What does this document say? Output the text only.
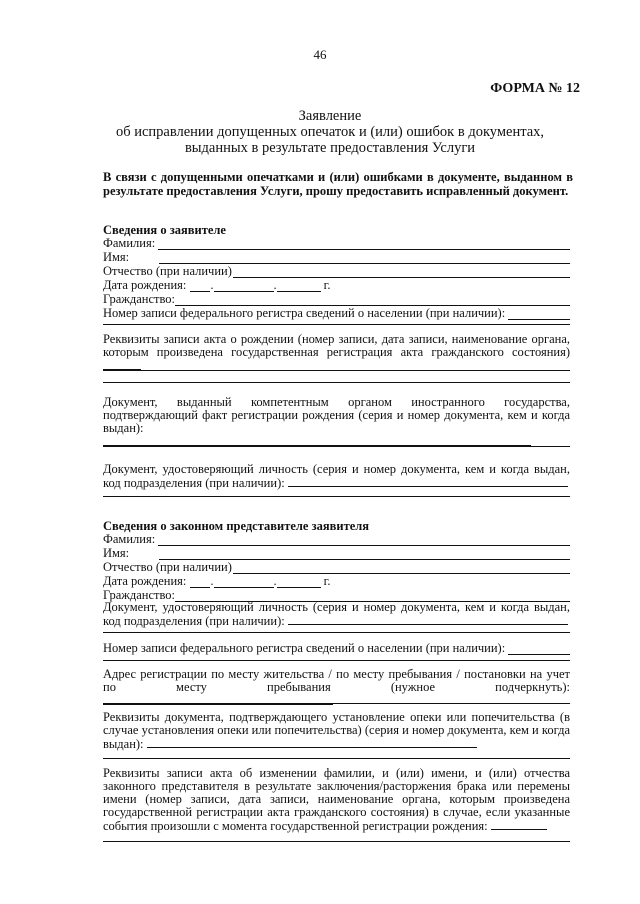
46
ФОРМА № 12
Заявление
об исправлении допущенных опечаток и (или) ошибок в документах,
выданных в результате предоставления Услуги
В связи с допущенными опечатками и (или) ошибками в документе, выданном в результате предоставления Услуги, прошу предоставить исправленный документ.
Сведения о заявителе
Фамилия:
Имя:
Отчество (при наличии)
Дата рождения: .	.	г.
Гражданство:
Номер записи федерального регистра сведений о населении (при наличии):
Реквизиты записи акта о рождении (номер записи, дата записи, наименование органа, которым произведена государственная регистрация акта гражданского состояния)
Документ, выданный компетентным органом иностранного государства, подтверждающий факт регистрации рождения (серия и номер документа, кем и когда выдан):
Документ, удостоверяющий личность (серия и номер документа, кем и когда выдан, код подразделения (при наличии):
Сведения о законном представителе заявителя
Фамилия:
Имя:
Отчество (при наличии)
Дата рождения: .	.	г.
Гражданство:
Документ, удостоверяющий личность (серия и номер документа, кем и когда выдан, код подразделения (при наличии):
Номер записи федерального регистра сведений о населении (при наличии):
Адрес регистрации по месту жительства / по месту пребывания / постановки на учет по месту пребывания (нужное подчеркнуть):
Реквизиты документа, подтверждающего установление опеки или попечительства (в случае установления опеки или попечительства) (серия и номер документа, кем и когда выдан):
Реквизиты записи акта об изменении фамилии, и (или) имени, и (или) отчества законного представителя в результате заключения/расторжения брака или перемены имени (номер записи, дата записи, наименование органа, которым произведена государственной регистрации акта гражданского состояния) в случае, если указанные события произошли с момента государственной регистрации рождения:
